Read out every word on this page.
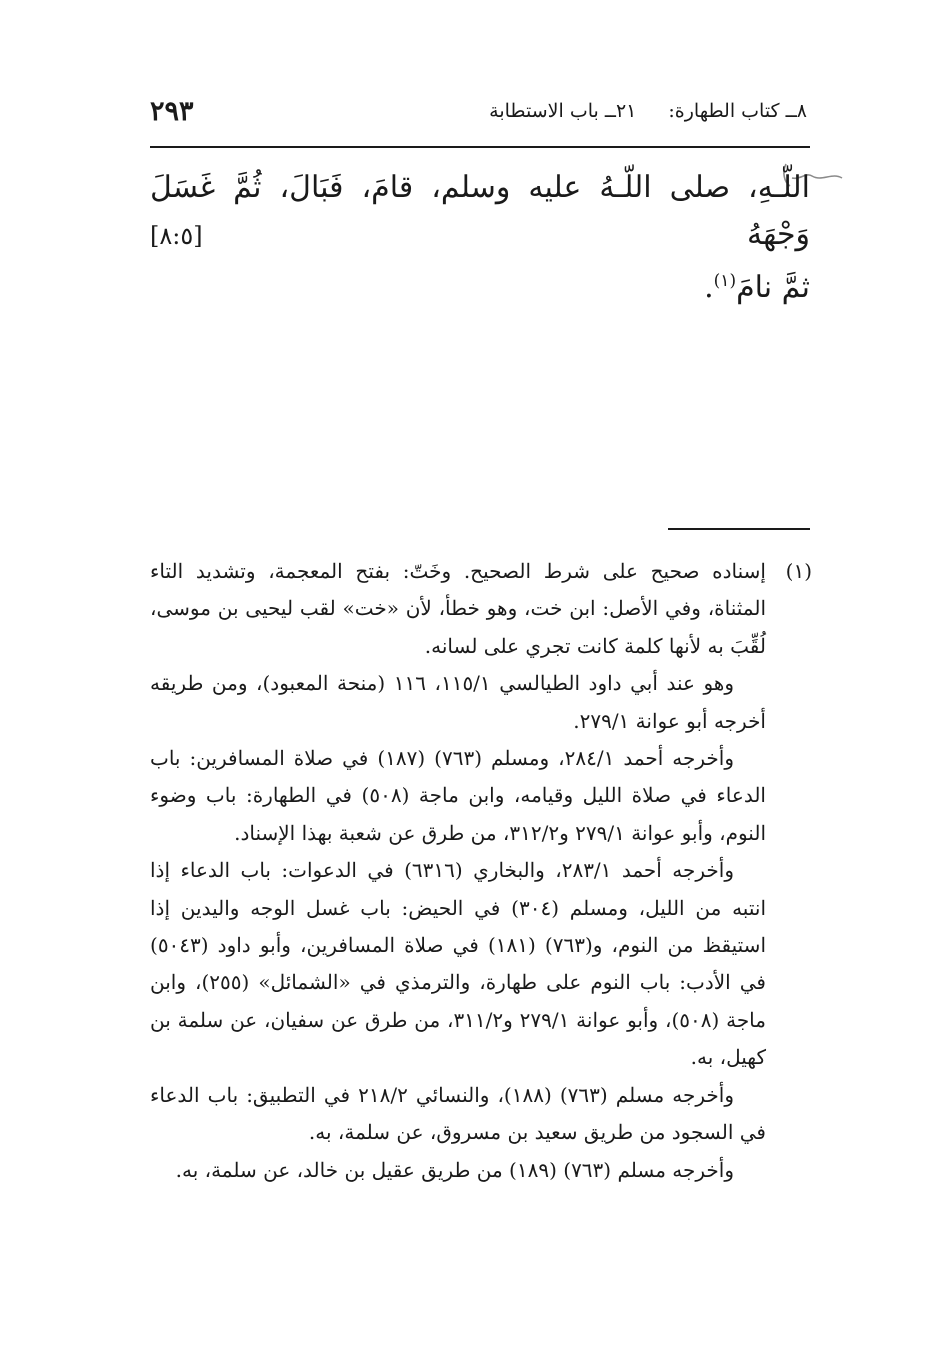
٢٩٣	٨ــ كتاب الطهارة:٢١ــ باب الاستطابة

اللّـهِ، صلى اللّـهُ عليه وسلم، قامَ، فَبَالَ، ثُمَّ غَسَلَ وَجْهَهُ

ثمَّ نامَ$^{(١)}$.

[٨:٥]

(١)إسناده صحيح على شرط الصحيح. وخَتّ: بفتح المعجمة، وتشديد التاء المثناة، وفي الأصل: ابن خت، وهو خطأ، لأن «خت» لقب ليحيى بن موسى، لُقِّبَ به لأنها كلمة كانت تجري على لسانه.

وهو عند أبي داود الطيالسي ١١٥/١، ١١٦ (منحة المعبود)، ومن طريقه أخرجه أبو عوانة ٢٧٩/١.

وأخرجه أحمد ٢٨٤/١، ومسلم (٧٦٣) (١٨٧) في صلاة المسافرين: باب الدعاء في صلاة الليل وقيامه، وابن ماجة (٥٠٨) في الطهارة: باب وضوء النوم، وأبو عوانة ٢٧٩/١ و٣١٢/٢، من طرق عن شعبة بهذا الإسناد.

وأخرجه أحمد ٢٨٣/١، والبخاري (٦٣١٦) في الدعوات: باب الدعاء إذا انتبه من الليل، ومسلم (٣٠٤) في الحيض: باب غسل الوجه واليدين إذا استيقظ من النوم، و(٧٦٣) (١٨١) في صلاة المسافرين، وأبو داود (٥٠٤٣) في الأدب: باب النوم على طهارة، والترمذي في «الشمائل» (٢٥٥)، وابن ماجة (٥٠٨)، وأبو عوانة ٢٧٩/١ و٣١١/٢، من طرق عن سفيان، عن سلمة بن كهيل، به.

وأخرجه مسلم (٧٦٣) (١٨٨)، والنسائي ٢١٨/٢ في التطبيق: باب الدعاء في السجود من طريق سعيد بن مسروق، عن سلمة، به.

وأخرجه مسلم (٧٦٣) (١٨٩) من طريق عقيل بن خالد، عن سلمة، به.
